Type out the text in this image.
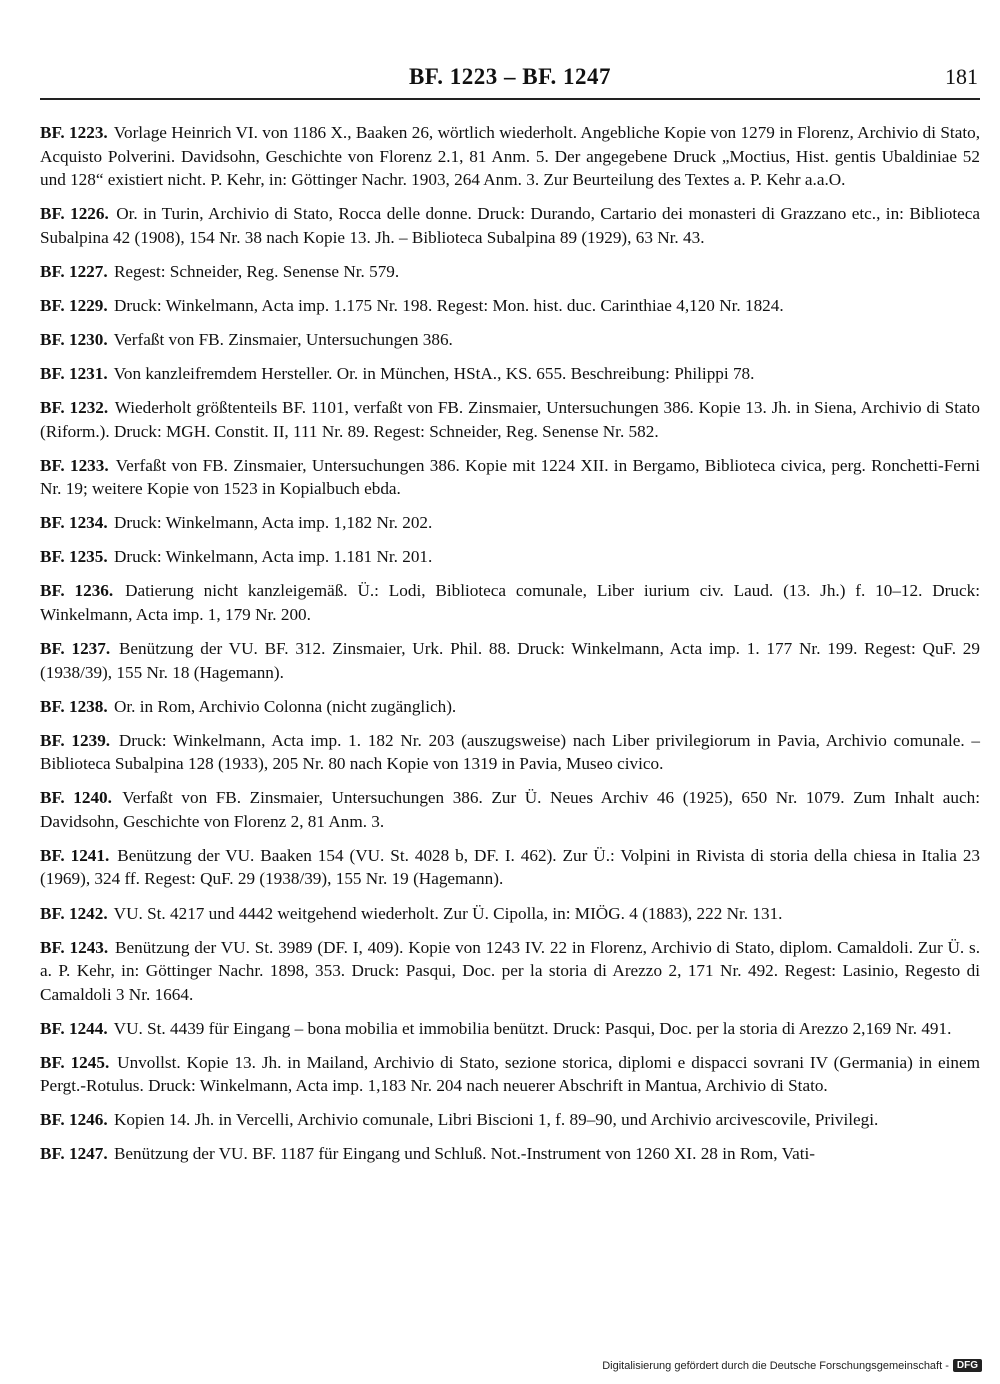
BF. 1223 – BF. 1247	181

BF. 1223. Vorlage Heinrich VI. von 1186 X., Baaken 26, wörtlich wiederholt. Angebliche Kopie von 1279 in Florenz, Archivio di Stato, Acquisto Polverini. Davidsohn, Geschichte von Florenz 2.1, 81 Anm. 5. Der angegebene Druck „Moctius, Hist. gentis Ubaldiniae 52 und 128“ existiert nicht. P. Kehr, in: Göttinger Nachr. 1903, 264 Anm. 3. Zur Beurteilung des Textes a. P. Kehr a.a.O.

BF. 1226. Or. in Turin, Archivio di Stato, Rocca delle donne. Druck: Durando, Cartario dei monasteri di Grazzano etc., in: Biblioteca Subalpina 42 (1908), 154 Nr. 38 nach Kopie 13. Jh. – Biblioteca Subalpina 89 (1929), 63 Nr. 43.

BF. 1227. Regest: Schneider, Reg. Senense Nr. 579.

BF. 1229. Druck: Winkelmann, Acta imp. 1.175 Nr. 198. Regest: Mon. hist. duc. Carinthiae 4,120 Nr. 1824.

BF. 1230. Verfaßt von FB. Zinsmaier, Untersuchungen 386.

BF. 1231. Von kanzleifremdem Hersteller. Or. in München, HStA., KS. 655. Beschreibung: Philippi 78.

BF. 1232. Wiederholt größtenteils BF. 1101, verfaßt von FB. Zinsmaier, Untersuchungen 386. Kopie 13. Jh. in Siena, Archivio di Stato (Riform.). Druck: MGH. Constit. II, 111 Nr. 89. Regest: Schneider, Reg. Senense Nr. 582.

BF. 1233. Verfaßt von FB. Zinsmaier, Untersuchungen 386. Kopie mit 1224 XII. in Bergamo, Biblioteca civica, perg. Ronchetti-Ferni Nr. 19; weitere Kopie von 1523 in Kopialbuch ebda.

BF. 1234. Druck: Winkelmann, Acta imp. 1,182 Nr. 202.

BF. 1235. Druck: Winkelmann, Acta imp. 1.181 Nr. 201.

BF. 1236. Datierung nicht kanzleigemäß. Ü.: Lodi, Biblioteca comunale, Liber iurium civ. Laud. (13. Jh.) f. 10–12. Druck: Winkelmann, Acta imp. 1, 179 Nr. 200.

BF. 1237. Benützung der VU. BF. 312. Zinsmaier, Urk. Phil. 88. Druck: Winkelmann, Acta imp. 1. 177 Nr. 199. Regest: QuF. 29 (1938/39), 155 Nr. 18 (Hagemann).

BF. 1238. Or. in Rom, Archivio Colonna (nicht zugänglich).

BF. 1239. Druck: Winkelmann, Acta imp. 1. 182 Nr. 203 (auszugsweise) nach Liber privilegiorum in Pavia, Archivio comunale. – Biblioteca Subalpina 128 (1933), 205 Nr. 80 nach Kopie von 1319 in Pavia, Museo civico.

BF. 1240. Verfaßt von FB. Zinsmaier, Untersuchungen 386. Zur Ü. Neues Archiv 46 (1925), 650 Nr. 1079. Zum Inhalt auch: Davidsohn, Geschichte von Florenz 2, 81 Anm. 3.

BF. 1241. Benützung der VU. Baaken 154 (VU. St. 4028 b, DF. I. 462). Zur Ü.: Volpini in Rivista di storia della chiesa in Italia 23 (1969), 324 ff. Regest: QuF. 29 (1938/39), 155 Nr. 19 (Hagemann).

BF. 1242. VU. St. 4217 und 4442 weitgehend wiederholt. Zur Ü. Cipolla, in: MIÖG. 4 (1883), 222 Nr. 131.

BF. 1243. Benützung der VU. St. 3989 (DF. I, 409). Kopie von 1243 IV. 22 in Florenz, Archivio di Stato, diplom. Camaldoli. Zur Ü. s. a. P. Kehr, in: Göttinger Nachr. 1898, 353. Druck: Pasqui, Doc. per la storia di Arezzo 2, 171 Nr. 492. Regest: Lasinio, Regesto di Camaldoli 3 Nr. 1664.

BF. 1244. VU. St. 4439 für Eingang – bona mobilia et immobilia benützt. Druck: Pasqui, Doc. per la storia di Arezzo 2,169 Nr. 491.

BF. 1245. Unvollst. Kopie 13. Jh. in Mailand, Archivio di Stato, sezione storica, diplomi e dispacci sovrani IV (Germania) in einem Pergt.-Rotulus. Druck: Winkelmann, Acta imp. 1,183 Nr. 204 nach neuerer Abschrift in Mantua, Archivio di Stato.

BF. 1246. Kopien 14. Jh. in Vercelli, Archivio comunale, Libri Biscioni 1, f. 89–90, und Archivio arcivescovile, Privilegi.

BF. 1247. Benützung der VU. BF. 1187 für Eingang und Schluß. Not.-Instrument von 1260 XI. 28 in Rom, Vati-

Digitalisierung gefördert durch die Deutsche Forschungsgemeinschaft - DFG
